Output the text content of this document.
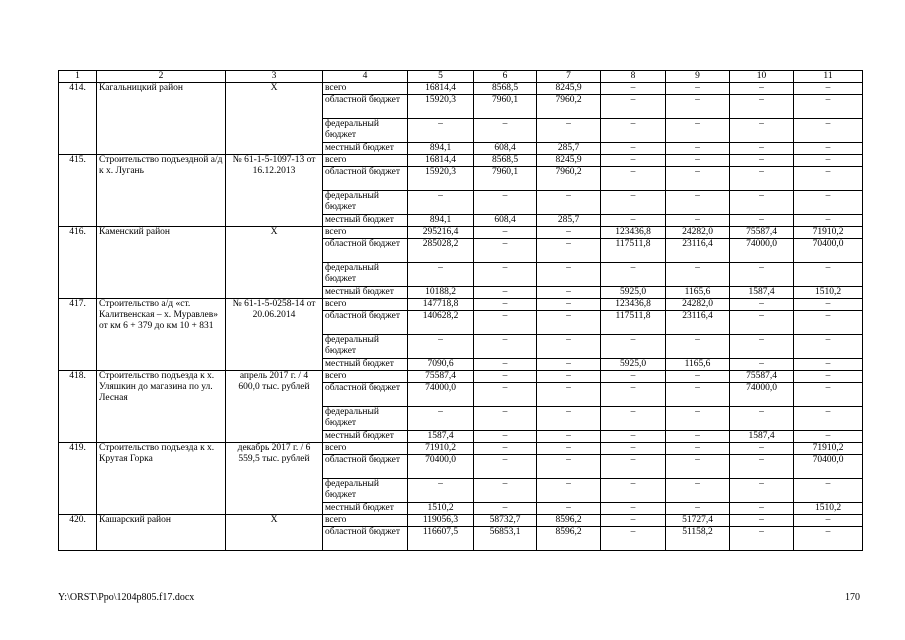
1	2	3	4	5	6	7	8	9	10	11
414.	Кагальницкий район	Х	всего	16814,4	8568,5	8245,9	–	–	–	–
			областной бюджет	15920,3	7960,1	7960,2	–	–	–	–
			федеральный бюджет	–	–	–	–	–	–	–
			местный бюджет	894,1	608,4	285,7	–	–	–	–
415.	Строительство подъездной а/д к х. Лугань	№ 61-1-5-1097-13 от 16.12.2013	всего	16814,4	8568,5	8245,9	–	–	–	–
			областной бюджет	15920,3	7960,1	7960,2	–	–	–	–
			федеральный бюджет	–	–	–	–	–	–	–
			местный бюджет	894,1	608,4	285,7	–	–	–	–
416.	Каменский район	Х	всего	295216,4	–	–	123436,8	24282,0	75587,4	71910,2
			областной бюджет	285028,2	–	–	117511,8	23116,4	74000,0	70400,0
			федеральный бюджет	–	–	–	–	–	–	–
			местный бюджет	10188,2	–	–	5925,0	1165,6	1587,4	1510,2
417.	Строительство а/д «ст. Калитвенская – х. Муравлев» от км 6 + 379 до км 10 + 831	№ 61-1-5-0258-14 от 20.06.2014	всего	147718,8	–	–	123436,8	24282,0	–	–
			областной бюджет	140628,2	–	–	117511,8	23116,4	–	–
			федеральный бюджет	–	–	–	–	–	–	–
			местный бюджет	7090,6	–	–	5925,0	1165,6	–	–
418.	Строительство подъезда к х. Уляшкин до магазина по ул. Лесная	апрель 2017 г. / 4 600,0 тыс. рублей	всего	75587,4	–	–	–	–	75587,4	–
			областной бюджет	74000,0	–	–	–	–	74000,0	–
			федеральный бюджет	–	–	–	–	–	–	–
			местный бюджет	1587,4	–	–	–	–	1587,4	–
419.	Строительство подъезда к х. Крутая Горка	декабрь 2017 г. / 6 559,5 тыс. рублей	всего	71910,2	–	–	–	–	–	71910,2
			областной бюджет	70400,0	–	–	–	–	–	70400,0
			федеральный бюджет	–	–	–	–	–	–	–
			местный бюджет	1510,2	–	–	–	–	–	1510,2
420.	Кашарский район	Х	всего	119056,3	58732,7	8596,2	–	51727,4	–	–
			областной бюджет	116607,5	56853,1	8596,2	–	51158,2	–	–
Y:\ORST\Ppo\1204p805.f17.docx	170
